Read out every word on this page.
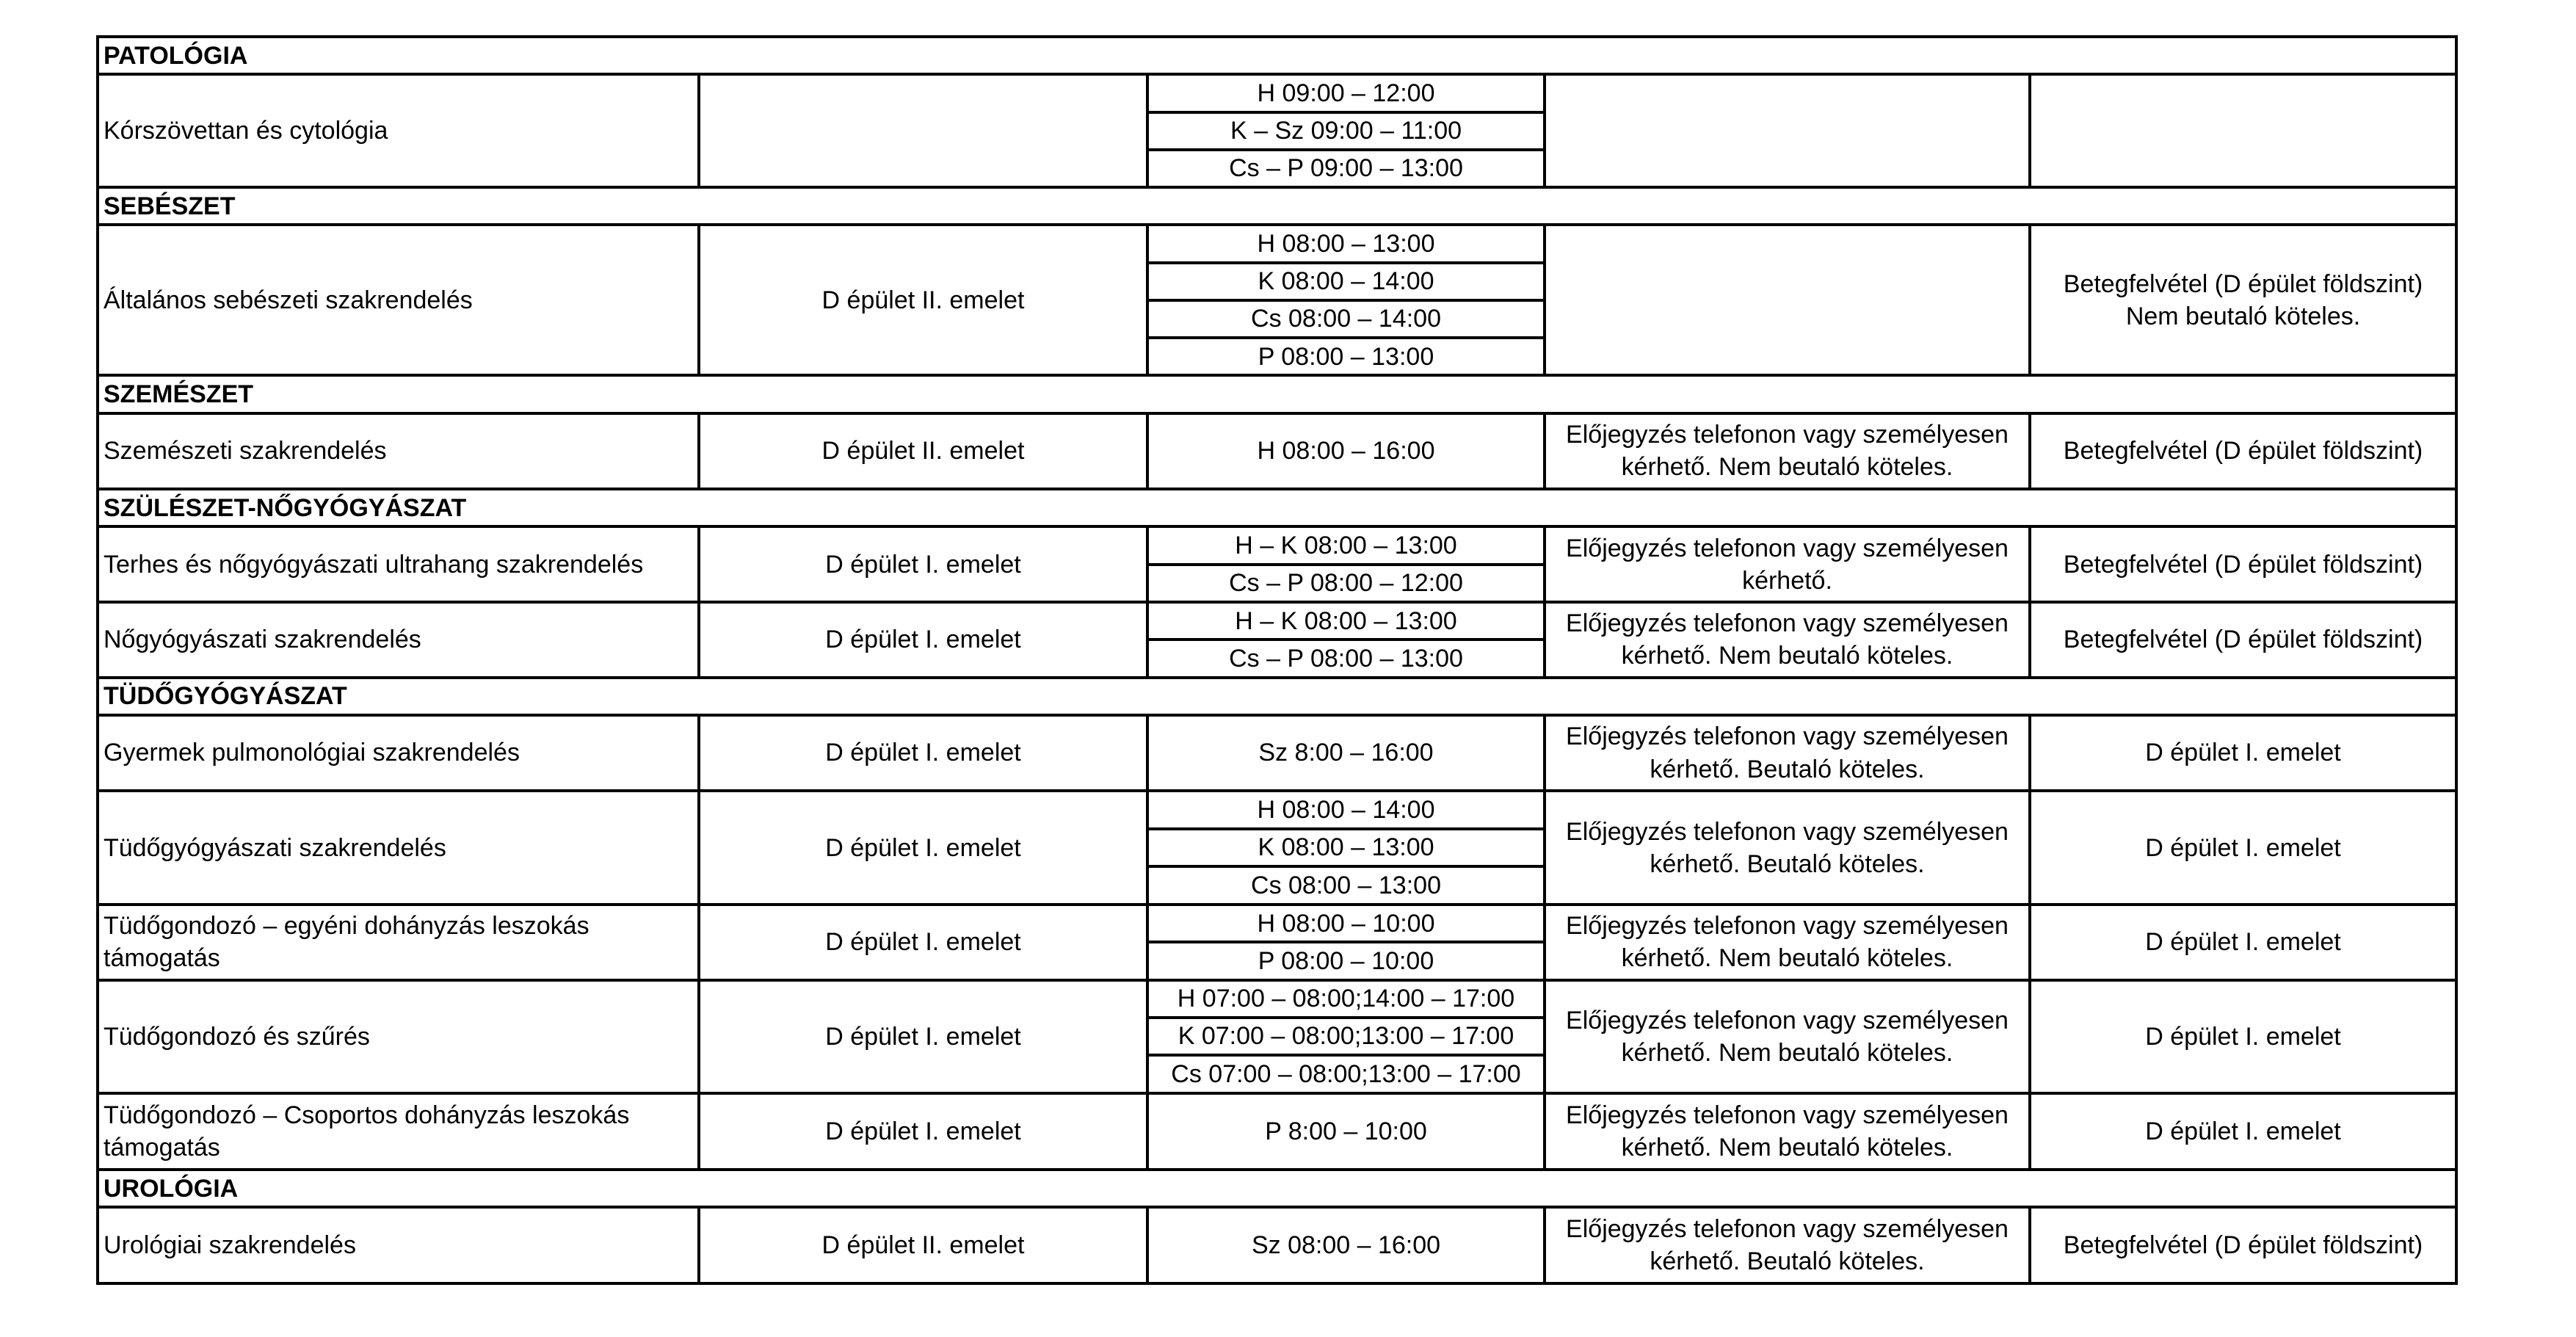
PATOLÓGIA				
Kórszövettan és cytológia		H 09:00 – 12:00		
		K – Sz 09:00 – 11:00		
		Cs – P 09:00 – 13:00		
SEBÉSZET				
Általános sebészeti szakrendelés	D épület II. emelet	H 08:00 – 13:00		Betegfelvétel (D épület földszint) Nem beutaló köteles.
		K 08:00 – 14:00		
		Cs 08:00 – 14:00		
		P 08:00 – 13:00		
SZEMÉSZET				
Szemészeti szakrendelés	D épület II. emelet	H 08:00 – 16:00	Előjegyzés telefonon vagy személyesen kérhető. Nem beutaló köteles.	Betegfelvétel (D épület földszint)
SZÜLÉSZET-NŐGYÓGYÁSZAT				
Terhes és nőgyógyászati ultrahang szakrendelés	D épület I. emelet	H – K 08:00 – 13:00	Előjegyzés telefonon vagy személyesen kérhető.	Betegfelvétel (D épület földszint)
		Cs – P 08:00 – 12:00		
Nőgyógyászati szakrendelés	D épület I. emelet	H – K 08:00 – 13:00	Előjegyzés telefonon vagy személyesen kérhető. Nem beutaló köteles.	Betegfelvétel (D épület földszint)
		Cs – P 08:00 – 13:00		
TÜDŐGYÓGYÁSZAT				
Gyermek pulmonológiai szakrendelés	D épület I. emelet	Sz 8:00 – 16:00	Előjegyzés telefonon vagy személyesen kérhető. Beutaló köteles.	D épület I. emelet
Tüdőgyógyászati szakrendelés	D épület I. emelet	H 08:00 – 14:00	Előjegyzés telefonon vagy személyesen kérhető. Beutaló köteles.	D épület I. emelet
		K 08:00 – 13:00		
		Cs 08:00 – 13:00		
Tüdőgondozó – egyéni dohányzás leszokás támogatás	D épület I. emelet	H 08:00 – 10:00	Előjegyzés telefonon vagy személyesen kérhető. Nem beutaló köteles.	D épület I. emelet
		P 08:00 – 10:00		
Tüdőgondozó és szűrés	D épület I. emelet	H 07:00 – 08:00;14:00 – 17:00	Előjegyzés telefonon vagy személyesen kérhető. Nem beutaló köteles.	D épület I. emelet
		K 07:00 – 08:00;13:00 – 17:00		
		Cs 07:00 – 08:00;13:00 – 17:00		
Tüdőgondozó – Csoportos dohányzás leszokás támogatás	D épület I. emelet	P 8:00 – 10:00	Előjegyzés telefonon vagy személyesen kérhető. Nem beutaló köteles.	D épület I. emelet
UROLÓGIA				
Urológiai szakrendelés	D épület II. emelet	Sz 08:00 – 16:00	Előjegyzés telefonon vagy személyesen kérhető. Beutaló köteles.	Betegfelvétel (D épület földszint)
